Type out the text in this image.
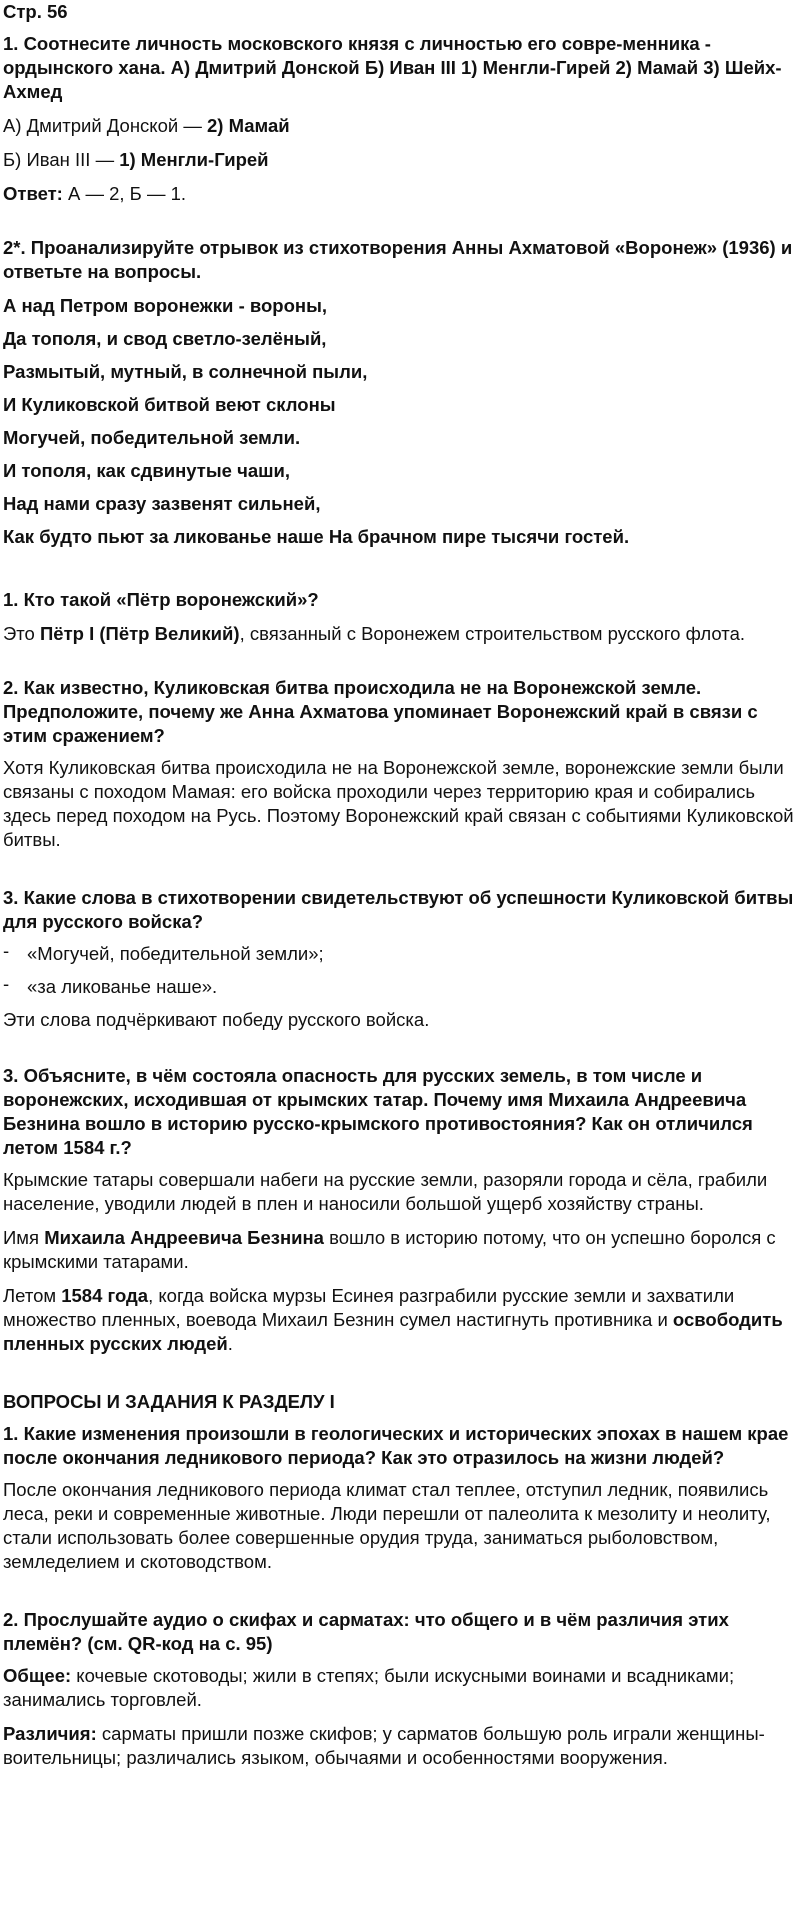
Стр. 56

1. Соотнесите личность московского князя с личностью его совре-менника - ордынского хана. А) Дмитрий Донской Б) Иван III 1) Менгли-Гирей 2) Мамай 3) Шейх-Ахмед

А) Дмитрий Донской — 2) Мамай

Б) Иван III — 1) Менгли-Гирей

Ответ: А — 2, Б — 1.

2*. Проанализируйте отрывок из стихотворения Анны Ахматовой «Воронеж» (1936) и ответьте на вопросы.

А над Петром воронежки - вороны,

Да тополя, и свод светло-зелёный,

Размытый, мутный, в солнечной пыли,

И Куликовской битвой веют склоны

Могучей, победительной земли.

И тополя, как сдвинутые чаши,

Над нами сразу зазвенят сильней,

Как будто пьют за ликованье наше На брачном пире тысячи гостей.

1. Кто такой «Пётр воронежский»?

Это Пётр I (Пётр Великий), связанный с Воронежем строительством русского флота.

2. Как известно, Куликовская битва происходила не на Воронежской земле. Предположите, почему же Анна Ахматова упоминает Воронежский край в связи с этим сражением?

Хотя Куликовская битва происходила не на Воронежской земле, воронежские земли были связаны с походом Мамая: его войска проходили через территорию края и собирались здесь перед походом на Русь. Поэтому Воронежский край связан с событиями Куликовской битвы.

3. Какие слова в стихотворении свидетельствуют об успешности Куликовской битвы для русского войска?

- «Могучей, победительной земли»;
- «за ликованье наше».

Эти слова подчёркивают победу русского войска.

3. Объясните, в чём состояла опасность для русских земель, в том числе и воронежских, исходившая от крымских татар. Почему имя Михаила Андреевича Безнина вошло в историю русско-крымского противостояния? Как он отличился летом 1584 г.?

Крымские татары совершали набеги на русские земли, разоряли города и сёла, грабили население, уводили людей в плен и наносили большой ущерб хозяйству страны.

Имя Михаила Андреевича Безнина вошло в историю потому, что он успешно боролся с крымскими татарами.

Летом 1584 года, когда войска мурзы Есинея разграбили русские земли и захватили множество пленных, воевода Михаил Безнин сумел настигнуть противника и освободить пленных русских людей.

ВОПРОСЫ И ЗАДАНИЯ К РАЗДЕЛУ I

1. Какие изменения произошли в геологических и исторических эпохах в нашем крае после окончания ледникового периода? Как это отразилось на жизни людей?

После окончания ледникового периода климат стал теплее, отступил ледник, появились леса, реки и современные животные. Люди перешли от палеолита к мезолиту и неолиту, стали использовать более совершенные орудия труда, заниматься рыболовством, земледелием и скотоводством.

2. Прослушайте аудио о скифах и сарматах: что общего и в чём различия этих племён? (см. QR-код на с. 95)

Общее: кочевые скотоводы; жили в степях; были искусными воинами и всадниками; занимались торговлей.

Различия: сарматы пришли позже скифов; у сарматов большую роль играли женщины-воительницы; различались языком, обычаями и особенностями вооружения.
